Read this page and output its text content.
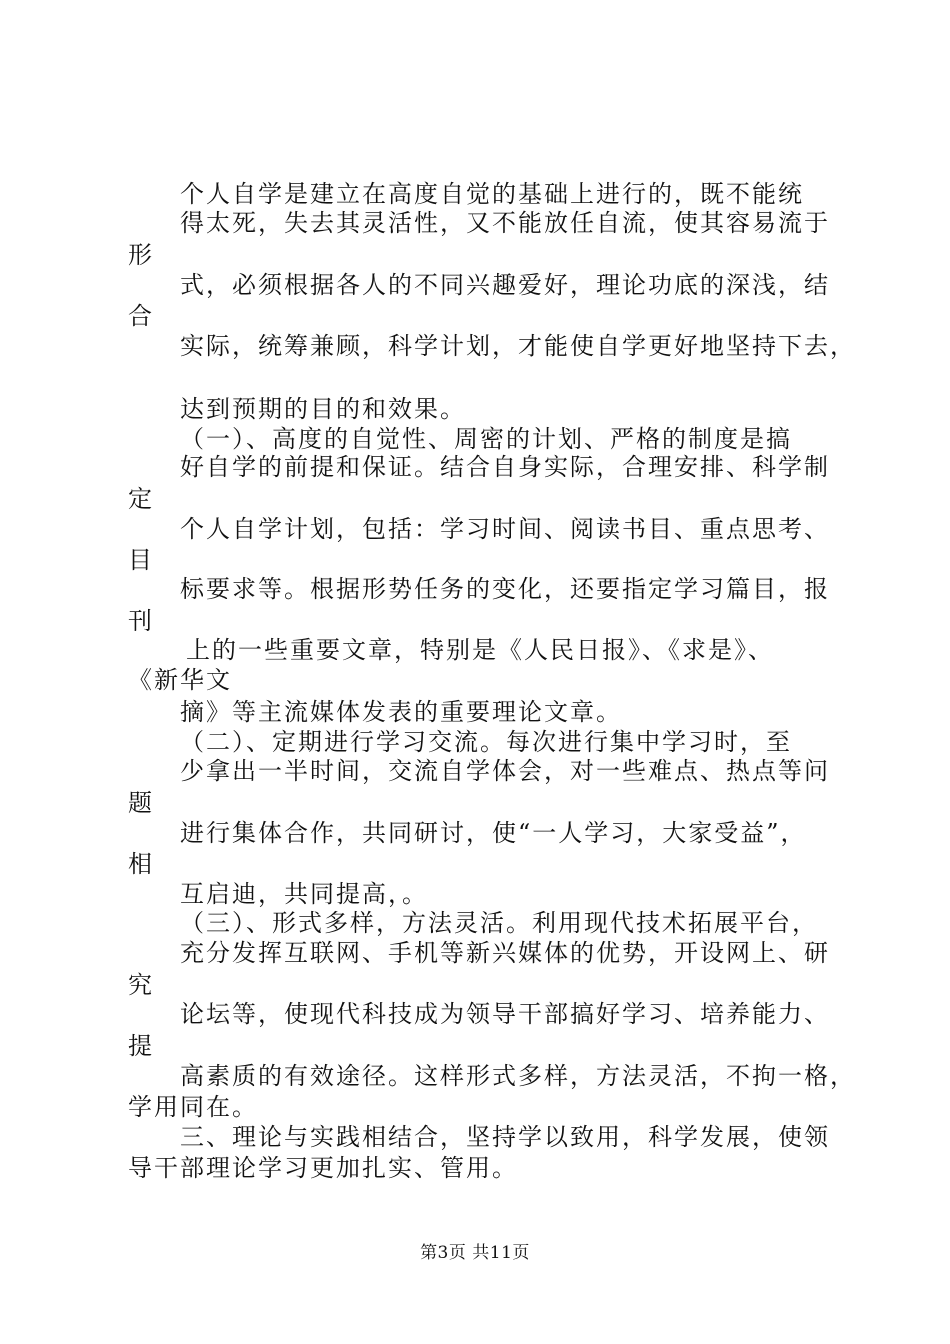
个人自学是建立在高度自觉的基础上进行的，既不能统
得太死，失去其灵活性，又不能放任自流，使其容易流于
形
式，必须根据各人的不同兴趣爱好，理论功底的深浅，结
合
实际，统筹兼顾，科学计划，才能使自学更好地坚持下去，
达到预期的目的和效果。
（一）、高度的自觉性、周密的计划、严格的制度是搞
好自学的前提和保证。结合自身实际，合理安排、科学制
定
个人自学计划，包括：学习时间、阅读书目、重点思考、
目
标要求等。根据形势任务的变化，还要指定学习篇目，报
刊
上的一些重要文章，特别是《人民日报》、《求是》、
《新华文
摘》等主流媒体发表的重要理论文章。
（二）、定期进行学习交流。每次进行集中学习时，至
少拿出一半时间，交流自学体会，对一些难点、热点等问
题
进行集体合作，共同研讨，使“一人学习，大家受益”，
相
互启迪，共同提高，。
（三）、形式多样，方法灵活。利用现代技术拓展平台，
充分发挥互联网、手机等新兴媒体的优势，开设网上、研
究
论坛等，使现代科技成为领导干部搞好学习、培养能力、
提
高素质的有效途径。这样形式多样，方法灵活，不拘一格，
学用同在。
三、理论与实践相结合，坚持学以致用，科学发展，使领
导干部理论学习更加扎实、管用。
第3页 共11页
